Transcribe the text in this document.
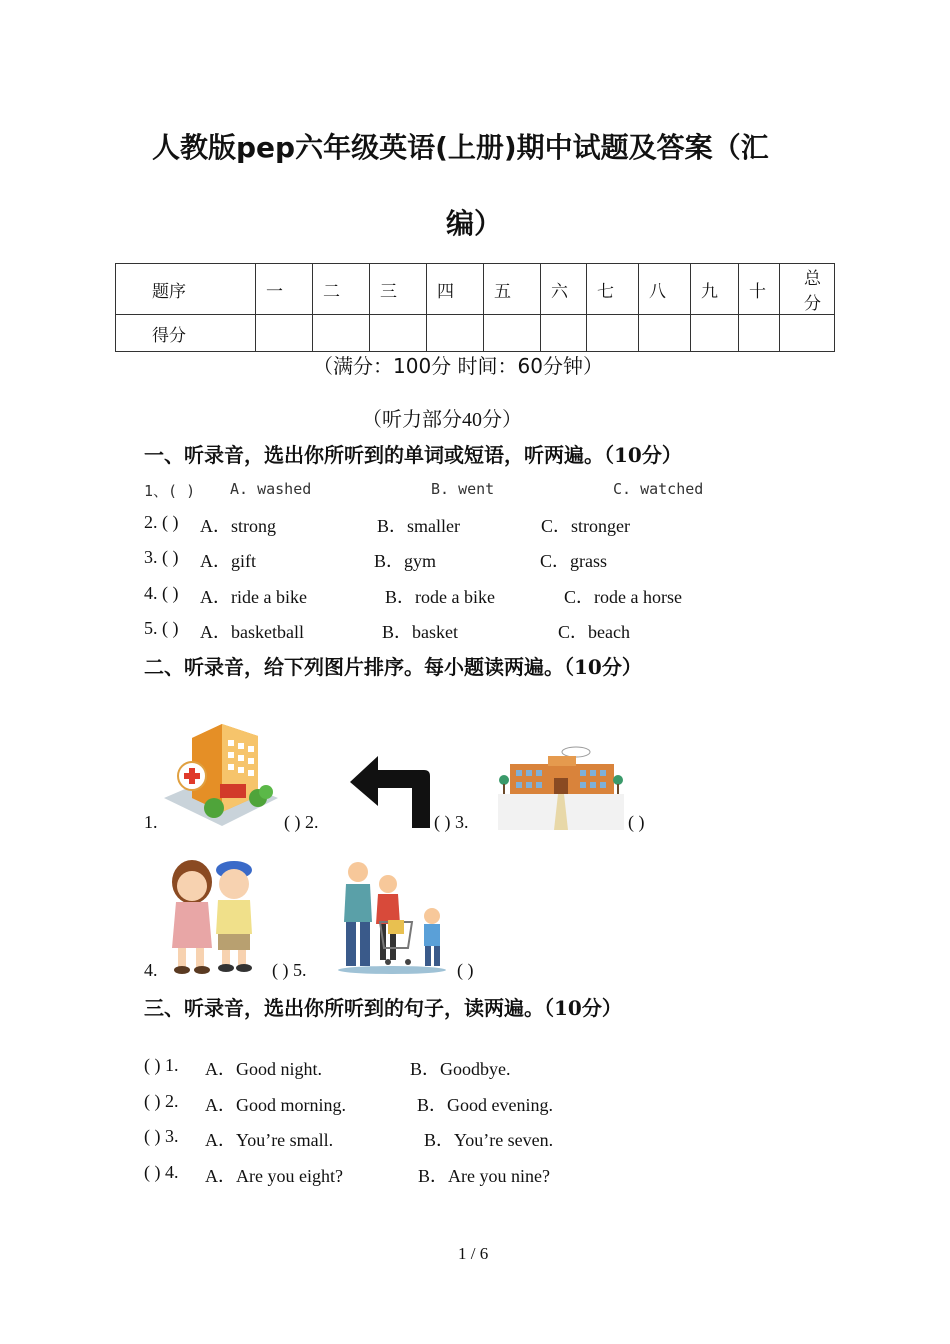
人教版pep六年级英语(上册)期中试题及答案（汇
编）
题序	一	二	三	四	五	六	七	八	九	十	总分
得分											
（满分：100分 时间：60分钟）
（听力部分40分）
一、听录音，选出你所听到的单词或短语，听两遍。（10分）
1、( ) A. washed	B. went	C. watched
2. ( ) A．strong	B．smaller	C．stronger
3. ( ) A．gift	B．gym	C．grass
4. ( ) A．ride a bike	B．rode a bike	C．rode a horse
5. ( ) A．basketball	B．basket	C．beach
二、听录音，给下列图片排序。每小题读两遍。（10分）
1.	( ) 2.	( ) 3.	( )
4.	( ) 5.	( )
三、听录音，选出你所听到的句子，读两遍。（10分）
( ) 1. A．Good night.	B．Goodbye.
( ) 2. A．Good morning.	B．Good evening.
( ) 3. A．You’re small.	B．You’re seven.
( ) 4. A．Are you eight?	B．Are you nine?
1 / 6
